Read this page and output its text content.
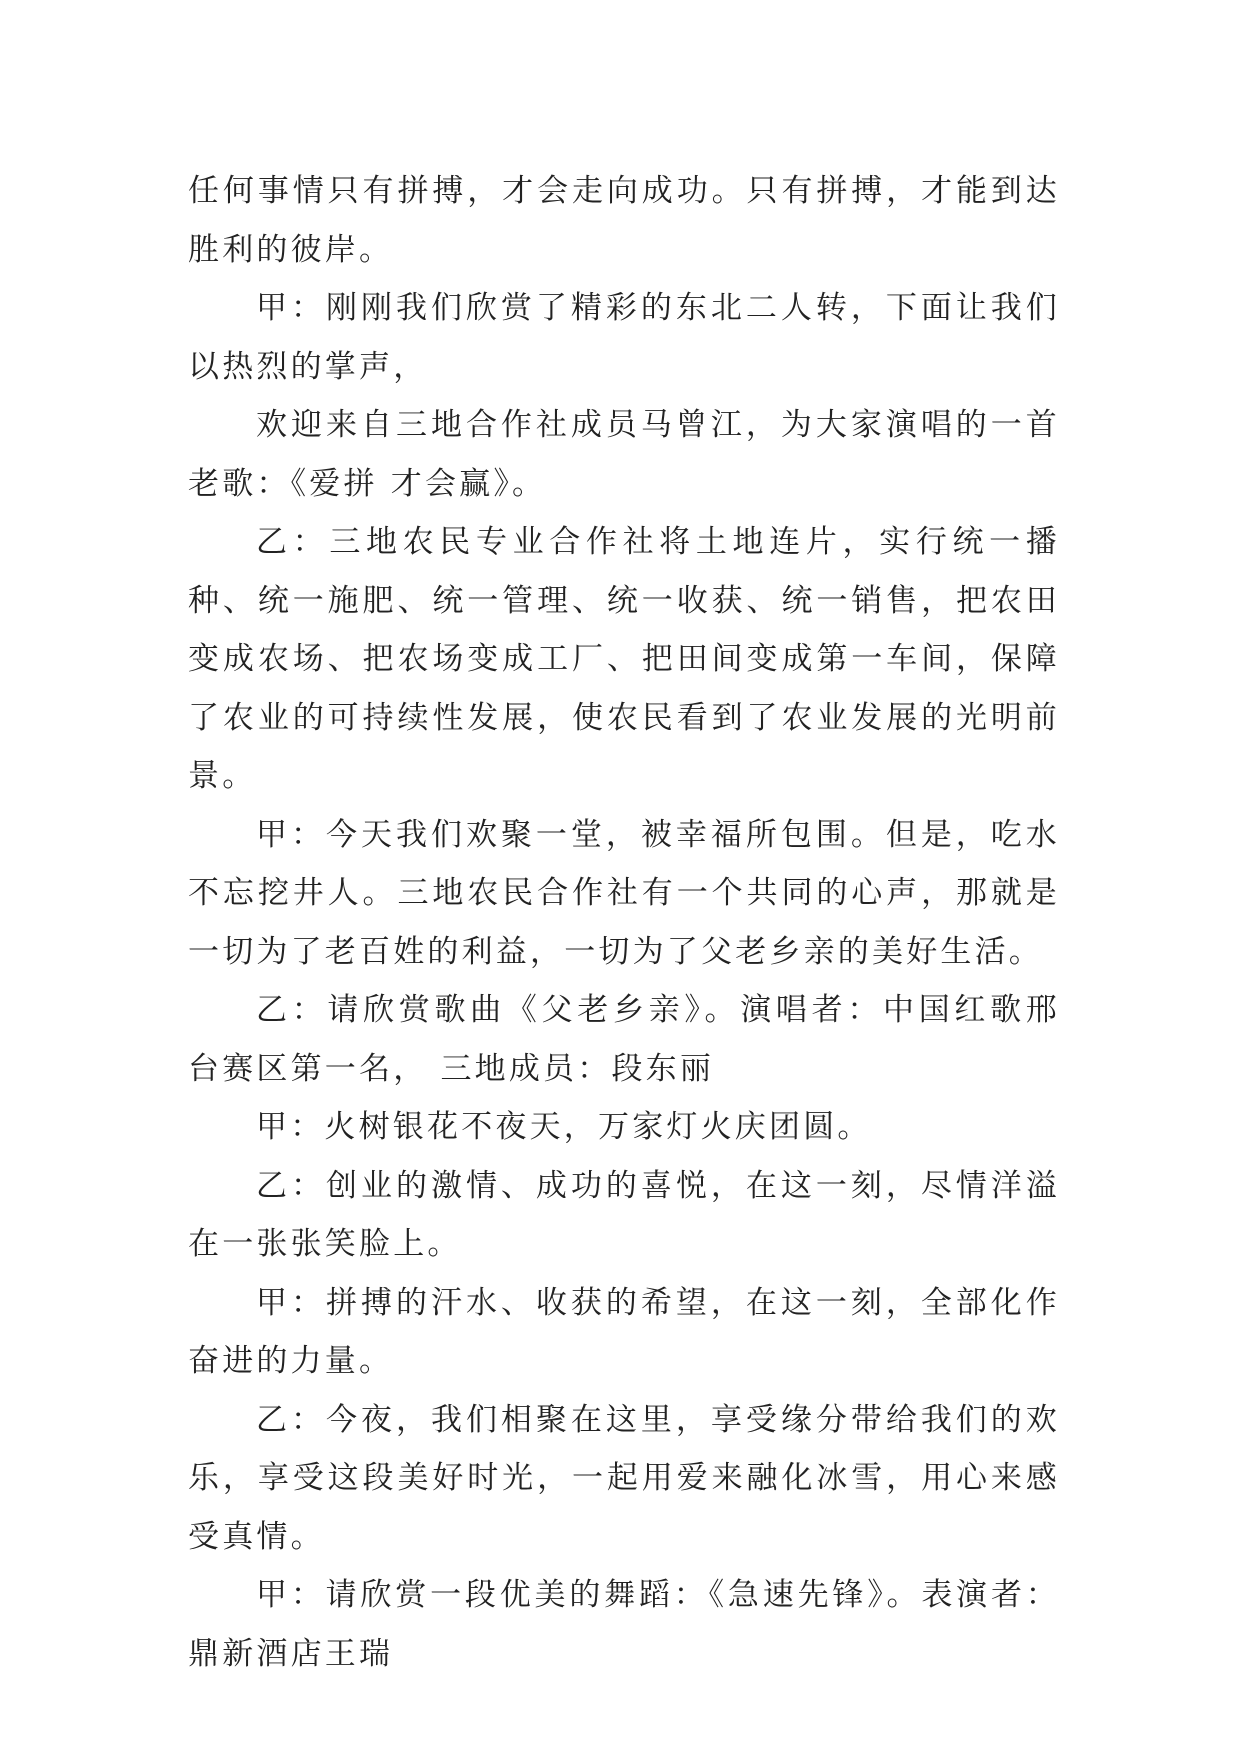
任何事情只有拼搏，才会走向成功。只有拼搏，才能到达胜利的彼岸。

甲：刚刚我们欣赏了精彩的东北二人转，下面让我们以热烈的掌声，

欢迎来自三地合作社成员马曾江，为大家演唱的一首老歌：《爱拼 才会赢》。

乙：三地农民专业合作社将土地连片，实行统一播种、统一施肥、统一管理、统一收获、统一销售，把农田变成农场、把农场变成工厂、把田间变成第一车间，保障了农业的可持续性发展，使农民看到了农业发展的光明前景。

甲：今天我们欢聚一堂，被幸福所包围。但是，吃水不忘挖井人。三地农民合作社有一个共同的心声，那就是一切为了老百姓的利益，一切为了父老乡亲的美好生活。

乙：请欣赏歌曲《父老乡亲》。演唱者：中国红歌邢台赛区第一名， 三地成员：段东丽

甲：火树银花不夜天，万家灯火庆团圆。

乙：创业的激情、成功的喜悦，在这一刻，尽情洋溢在一张张笑脸上。

甲：拼搏的汗水、收获的希望，在这一刻，全部化作奋进的力量。

乙：今夜，我们相聚在这里，享受缘分带给我们的欢乐，享受这段美好时光，一起用爱来融化冰雪，用心来感受真情。

甲：请欣赏一段优美的舞蹈：《急速先锋》。表演者：鼎新酒店王瑞
